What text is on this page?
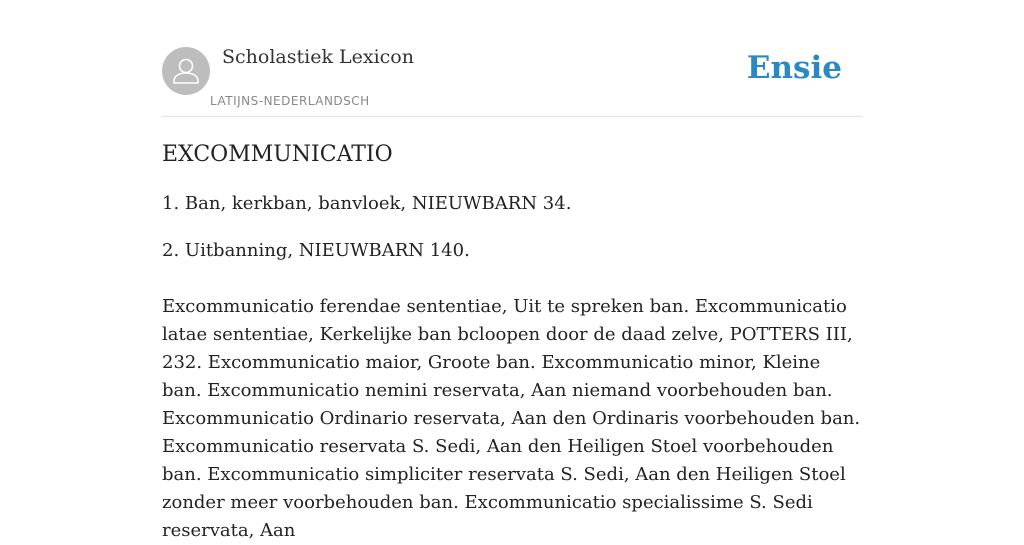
Scholastiek Lexicon
LATIJNS-NEDERLANDSCH
Ensie
EXCOMMUNICATIO

1. Ban, kerkban, banvloek, NIEUWBARN 34.

2. Uitbanning, NIEUWBARN 140.

Excommunicatio ferendae sententiae, Uit te spreken ban. Excommunicatio latae sententiae, Kerkelijke ban bcloopen door de daad zelve, POTTERS III, 232. Excommunicatio maior, Groote ban. Excommunicatio minor, Kleine ban. Excommunicatio nemini reservata, Aan niemand voorbehouden ban. Excommunicatio Ordinario reservata, Aan den Ordinaris voorbehouden ban. Excommunicatio reservata S. Sedi, Aan den Heiligen Stoel voorbehouden ban. Excommunicatio simpliciter reservata S. Sedi, Aan den Heiligen Stoel zonder meer voorbehouden ban. Excommunicatio specialissime S. Sedi reservata, Aan
